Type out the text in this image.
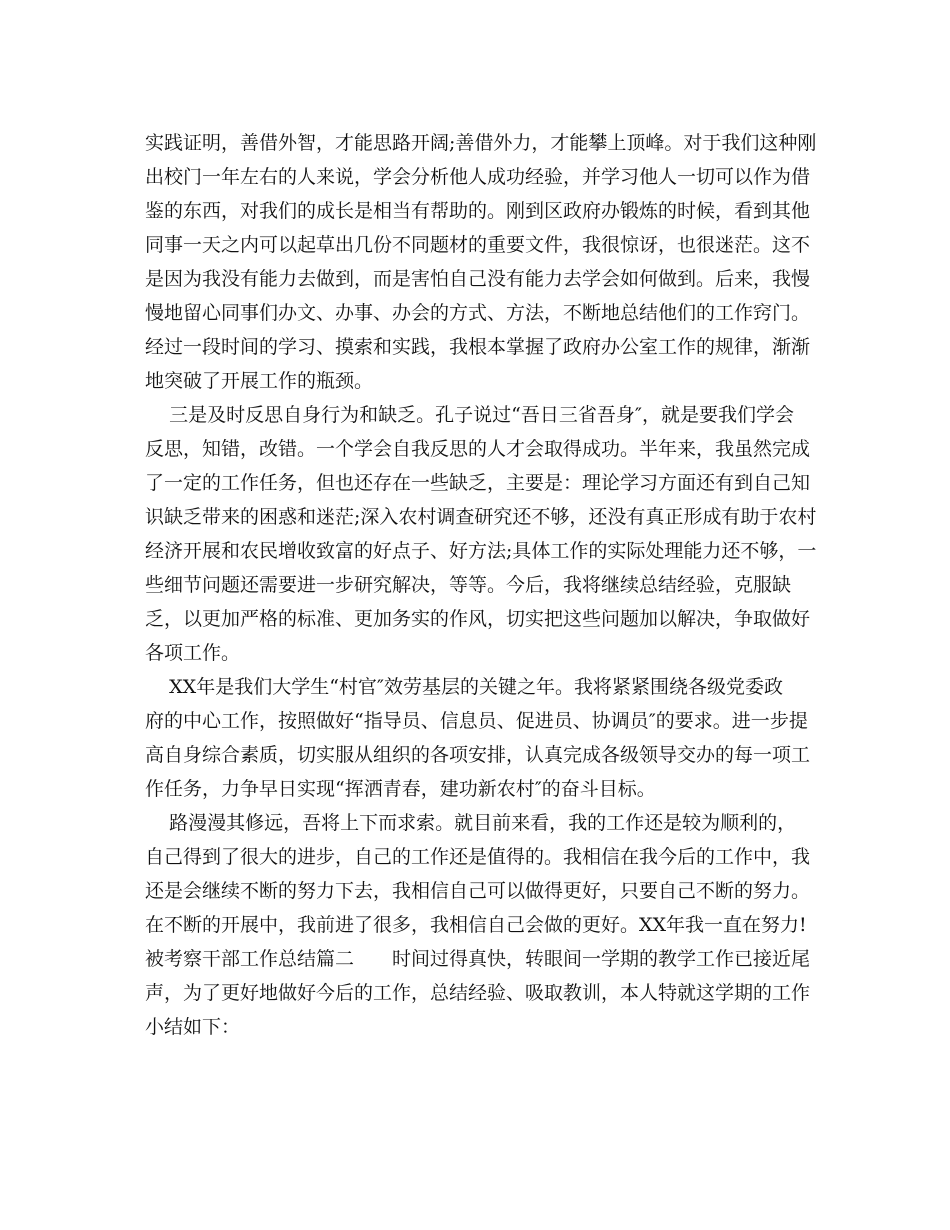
实践证明，善借外智，才能思路开阔;善借外力，才能攀上顶峰。对于我们这种刚
出校门一年左右的人来说，学会分析他人成功经验，并学习他人一切可以作为借
鉴的东西，对我们的成长是相当有帮助的。刚到区政府办锻炼的时候，看到其他
同事一天之内可以起草出几份不同题材的重要文件，我很惊讶，也很迷茫。这不
是因为我没有能力去做到，而是害怕自己没有能力去学会如何做到。后来，我慢
慢地留心同事们办文、办事、办会的方式、方法，不断地总结他们的工作窍门。
经过一段时间的学习、摸索和实践，我根本掌握了政府办公室工作的规律，渐渐
地突破了开展工作的瓶颈。
三是及时反思自身行为和缺乏。孔子说过“吾日三省吾身″，就是要我们学会
反思，知错，改错。一个学会自我反思的人才会取得成功。半年来，我虽然完成
了一定的工作任务，但也还存在一些缺乏，主要是：理论学习方面还有到自己知
识缺乏带来的困惑和迷茫;深入农村调查研究还不够，还没有真正形成有助于农村
经济开展和农民增收致富的好点子、好方法;具体工作的实际处理能力还不够，一
些细节问题还需要进一步研究解决，等等。今后，我将继续总结经验，克服缺
乏，以更加严格的标准、更加务实的作风，切实把这些问题加以解决，争取做好
各项工作。
XX年是我们大学生“村官″效劳基层的关键之年。我将紧紧围绕各级党委政
府的中心工作，按照做好“指导员、信息员、促进员、协调员″的要求。进一步提
高自身综合素质，切实服从组织的各项安排，认真完成各级领导交办的每一项工
作任务，力争早日实现“挥洒青春，建功新农村″的奋斗目标。
路漫漫其修远，吾将上下而求索。就目前来看，我的工作还是较为顺利的，
自己得到了很大的进步，自己的工作还是值得的。我相信在我今后的工作中，我
还是会继续不断的努力下去，我相信自己可以做得更好，只要自己不断的努力。
在不断的开展中，我前进了很多，我相信自己会做的更好。XX年我一直在努力!
被考察干部工作总结篇二　　时间过得真快，转眼间一学期的教学工作已接近尾
声，为了更好地做好今后的工作，总结经验、吸取教训，本人特就这学期的工作
小结如下：
